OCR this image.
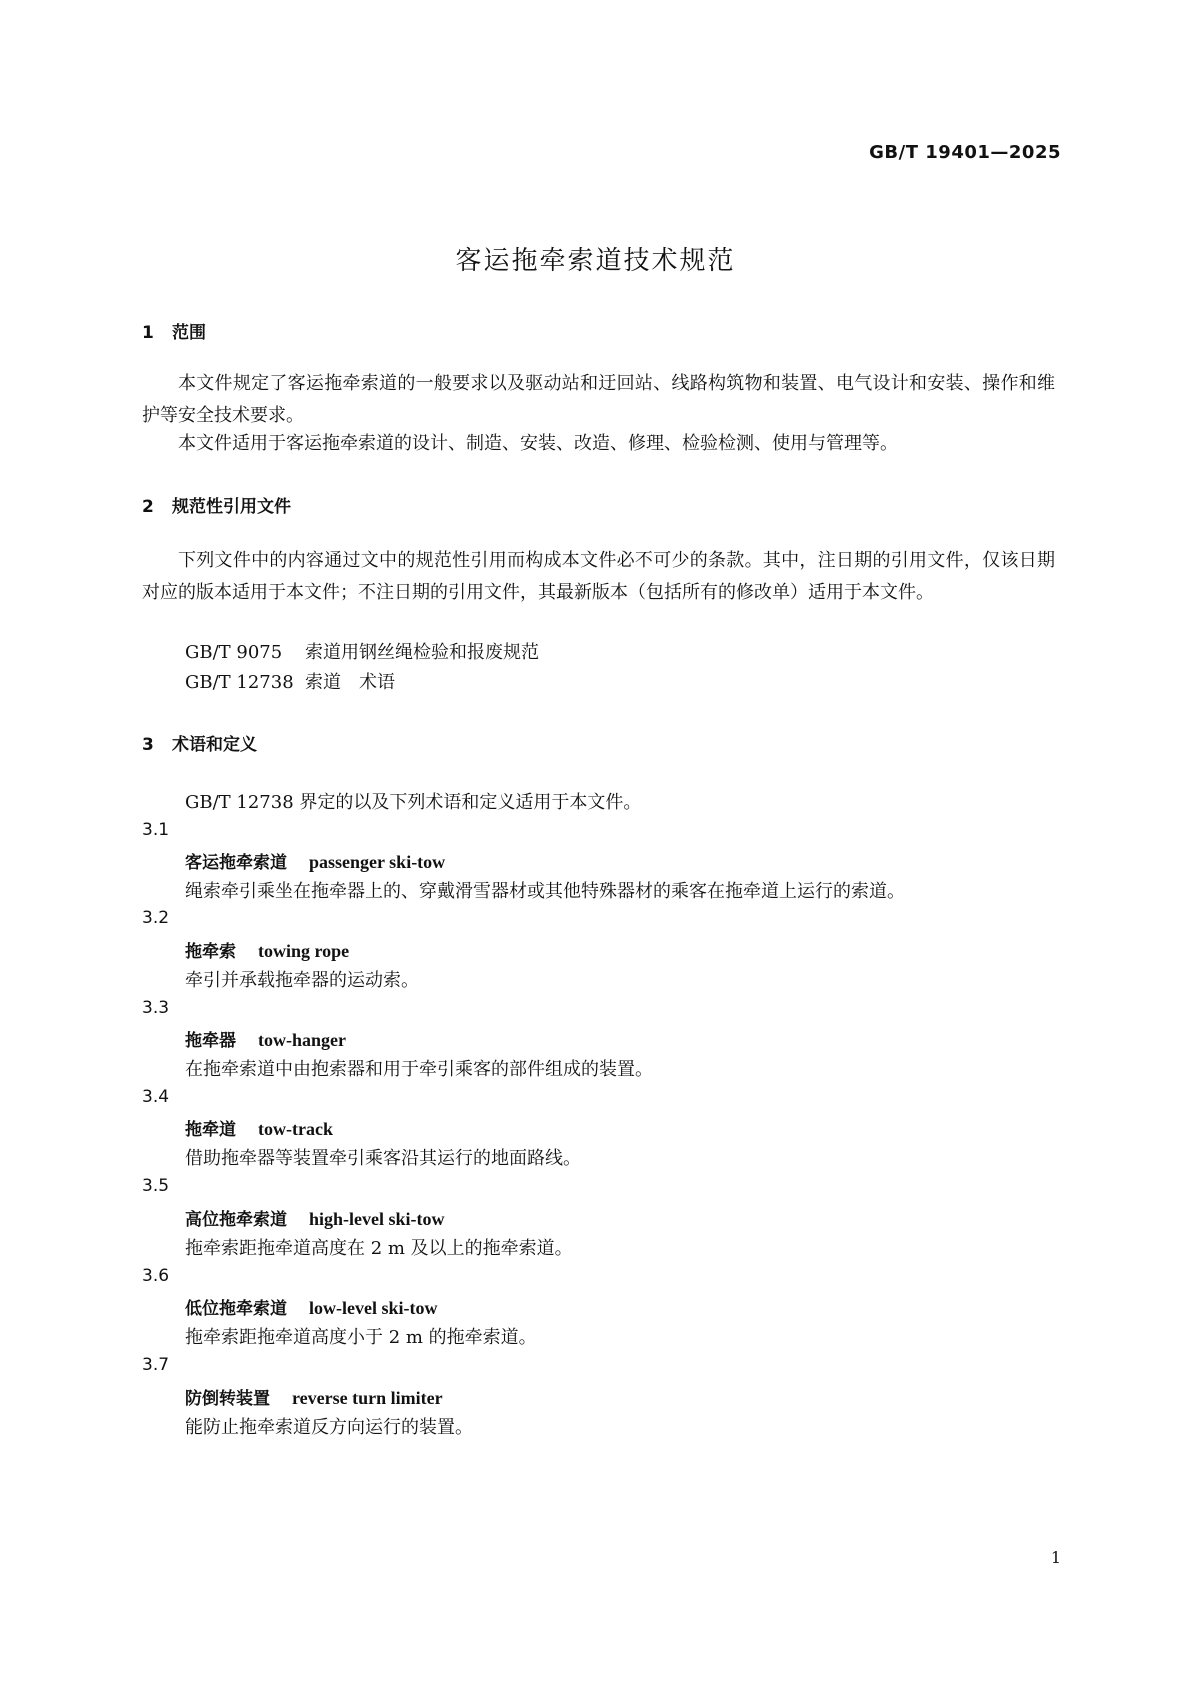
GB/T 19401—2025
客运拖牵索道技术规范
1 范围
本文件规定了客运拖牵索道的一般要求以及驱动站和迂回站、线路构筑物和装置、电气设计和安装、操作和维护等安全技术要求。
本文件适用于客运拖牵索道的设计、制造、安装、改造、修理、检验检测、使用与管理等。
2 规范性引用文件
下列文件中的内容通过文中的规范性引用而构成本文件必不可少的条款。其中，注日期的引用文件，仅该日期对应的版本适用于本文件；不注日期的引用文件，其最新版本（包括所有的修改单）适用于本文件。
GB/T 9075 索道用钢丝绳检验和报废规范
GB/T 12738 索道　术语
3 术语和定义
GB/T 12738 界定的以及下列术语和定义适用于本文件。
3.1
客运拖牵索道 passenger ski-tow
绳索牵引乘坐在拖牵器上的、穿戴滑雪器材或其他特殊器材的乘客在拖牵道上运行的索道。
3.2
拖牵索 towing rope
牵引并承载拖牵器的运动索。
3.3
拖牵器 tow-hanger
在拖牵索道中由抱索器和用于牵引乘客的部件组成的装置。
3.4
拖牵道 tow-track
借助拖牵器等装置牵引乘客沿其运行的地面路线。
3.5
高位拖牵索道 high-level ski-tow
拖牵索距拖牵道高度在 2 m 及以上的拖牵索道。
3.6
低位拖牵索道 low-level ski-tow
拖牵索距拖牵道高度小于 2 m 的拖牵索道。
3.7
防倒转装置 reverse turn limiter
能防止拖牵索道反方向运行的装置。
1
